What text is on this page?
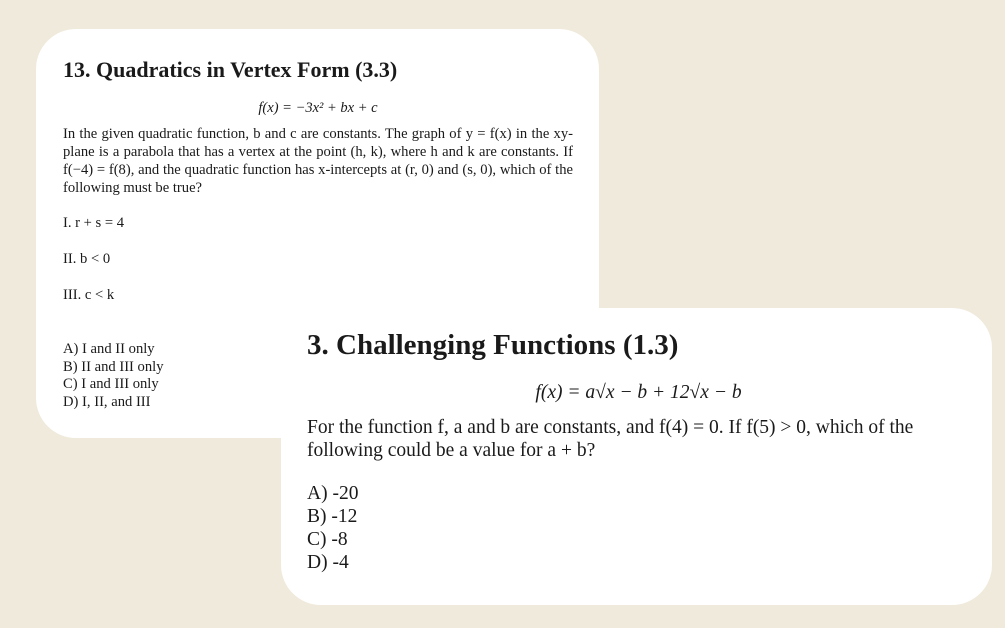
13. Quadratics in Vertex Form (3.3)
f(x) = −3x² + bx + c

In the given quadratic function, b and c are constants. The graph of y = f(x) in the xy-plane is a parabola that has a vertex at the point (h, k), where h and k are constants. If f(−4) = f(8), and the quadratic function has x-intercepts at (r, 0) and (s, 0), which of the following must be true?

I. r + s = 4

II. b < 0

III. c < k

A) I and II only
B) II and III only
C) I and III only
D) I, II, and III
3. Challenging Functions (1.3)
f(x) = a√x − b + 12√x − b

For the function f, a and b are constants, and f(4) = 0. If f(5) > 0, which of the following could be a value for a + b?

A) -20
B) -12
C) -8
D) -4
